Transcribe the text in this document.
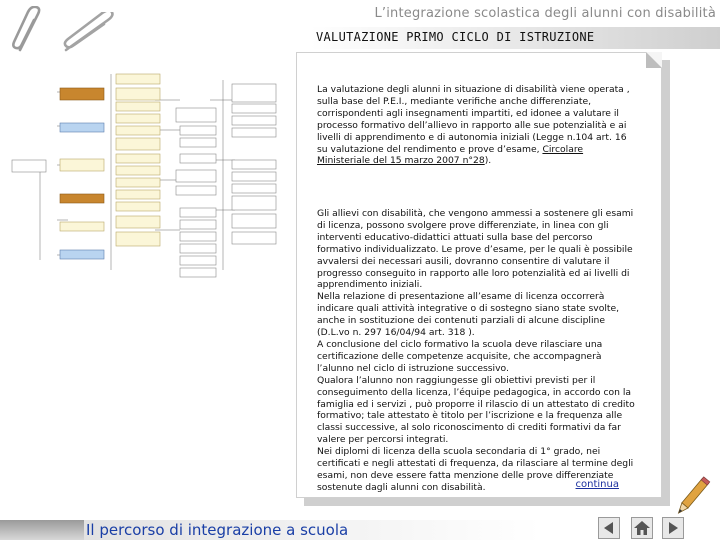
L’integrazione scolastica degli alunni con disabilità
VALUTAZIONE PRIMO CICLO DI ISTRUZIONE

La valutazione degli alunni in situazione di disabilità viene operata , sulla base del P.E.I., mediante verifiche anche differenziate, corrispondenti agli insegnamenti impartiti, ed idonee a valutare il processo formativo dell’allievo in rapporto alle sue potenzialità e ai livelli di apprendimento e di autonomia iniziali (Legge n.104 art. 16 su valutazione del rendimento e prove d’esame, Circolare Ministeriale del 15 marzo 2007 n°28).

Gli allievi con disabilità, che vengono ammessi a sostenere gli esami di licenza, possono svolgere prove differenziate, in linea con gli interventi educativo-didattici attuati sulla base del percorso formativo individualizzato. Le prove d’esame, per le quali è possibile avvalersi dei necessari ausili, dovranno consentire di valutare il progresso conseguito in rapporto alle loro potenzialità ed ai livelli di apprendimento iniziali.
Nella relazione di presentazione all’esame di licenza occorrerà indicare quali attività integrative o di sostegno siano state svolte, anche in sostituzione dei contenuti parziali di alcune discipline (D.L.vo n. 297 16/04/94 art. 318 ).
A conclusione del ciclo formativo la scuola deve rilasciare una certificazione delle competenze acquisite, che accompagnerà l’alunno nel ciclo di istruzione successivo.
Qualora l’alunno non raggiungesse gli obiettivi previsti per il conseguimento della licenza, l’équipe pedagogica, in accordo con la famiglia ed i servizi , può proporre il rilascio di un attestato di credito formativo; tale attestato è titolo per l’iscrizione e la frequenza alle classi successive, al solo riconoscimento di crediti formativi da far valere per percorsi integrati.
Nei diplomi di licenza della scuola secondaria di 1° grado, nei certificati e negli attestati di frequenza, da rilasciare al termine degli esami, non deve essere fatta menzione delle prove differenziate sostenute dagli alunni con disabilità.	continua
Il percorso di integrazione a scuola
